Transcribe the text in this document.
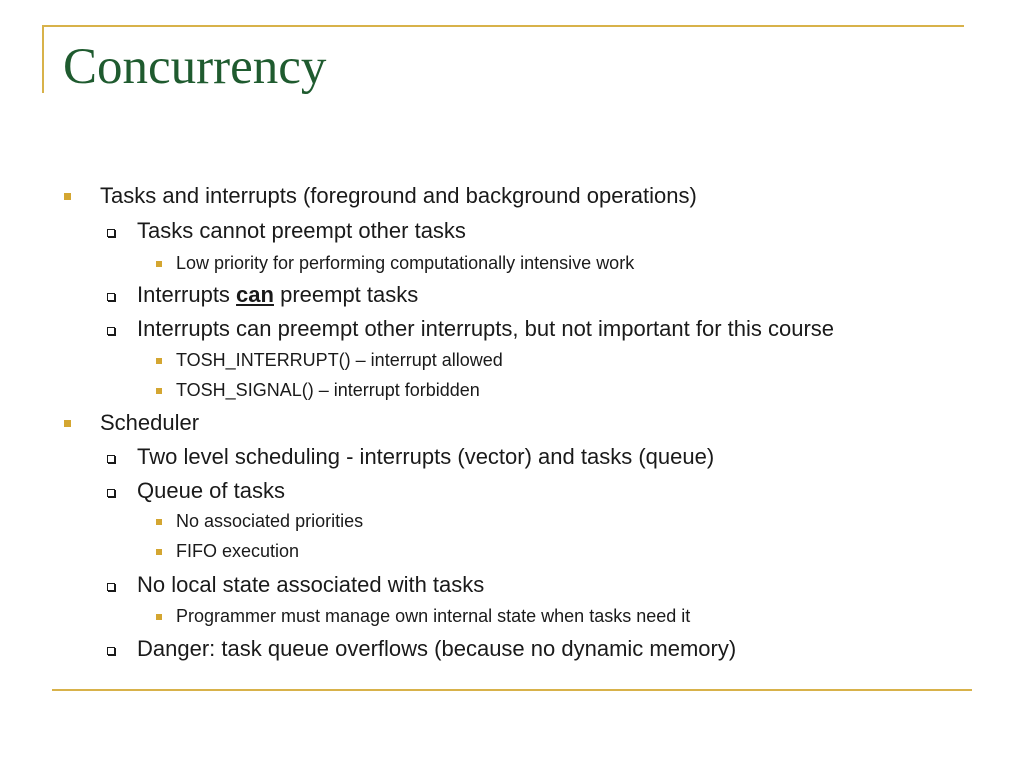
Concurrency
Tasks and interrupts (foreground and background operations)
Tasks cannot preempt other tasks
Low priority for performing computationally intensive work
Interrupts can preempt tasks
Interrupts can preempt other interrupts, but not important for this course
TOSH_INTERRUPT() – interrupt allowed
TOSH_SIGNAL() – interrupt forbidden
Scheduler
Two level scheduling - interrupts (vector) and tasks (queue)
Queue of tasks
No associated priorities
FIFO execution
No local state associated with tasks
Programmer must manage own internal state when tasks need it
Danger: task queue overflows (because no dynamic memory)
